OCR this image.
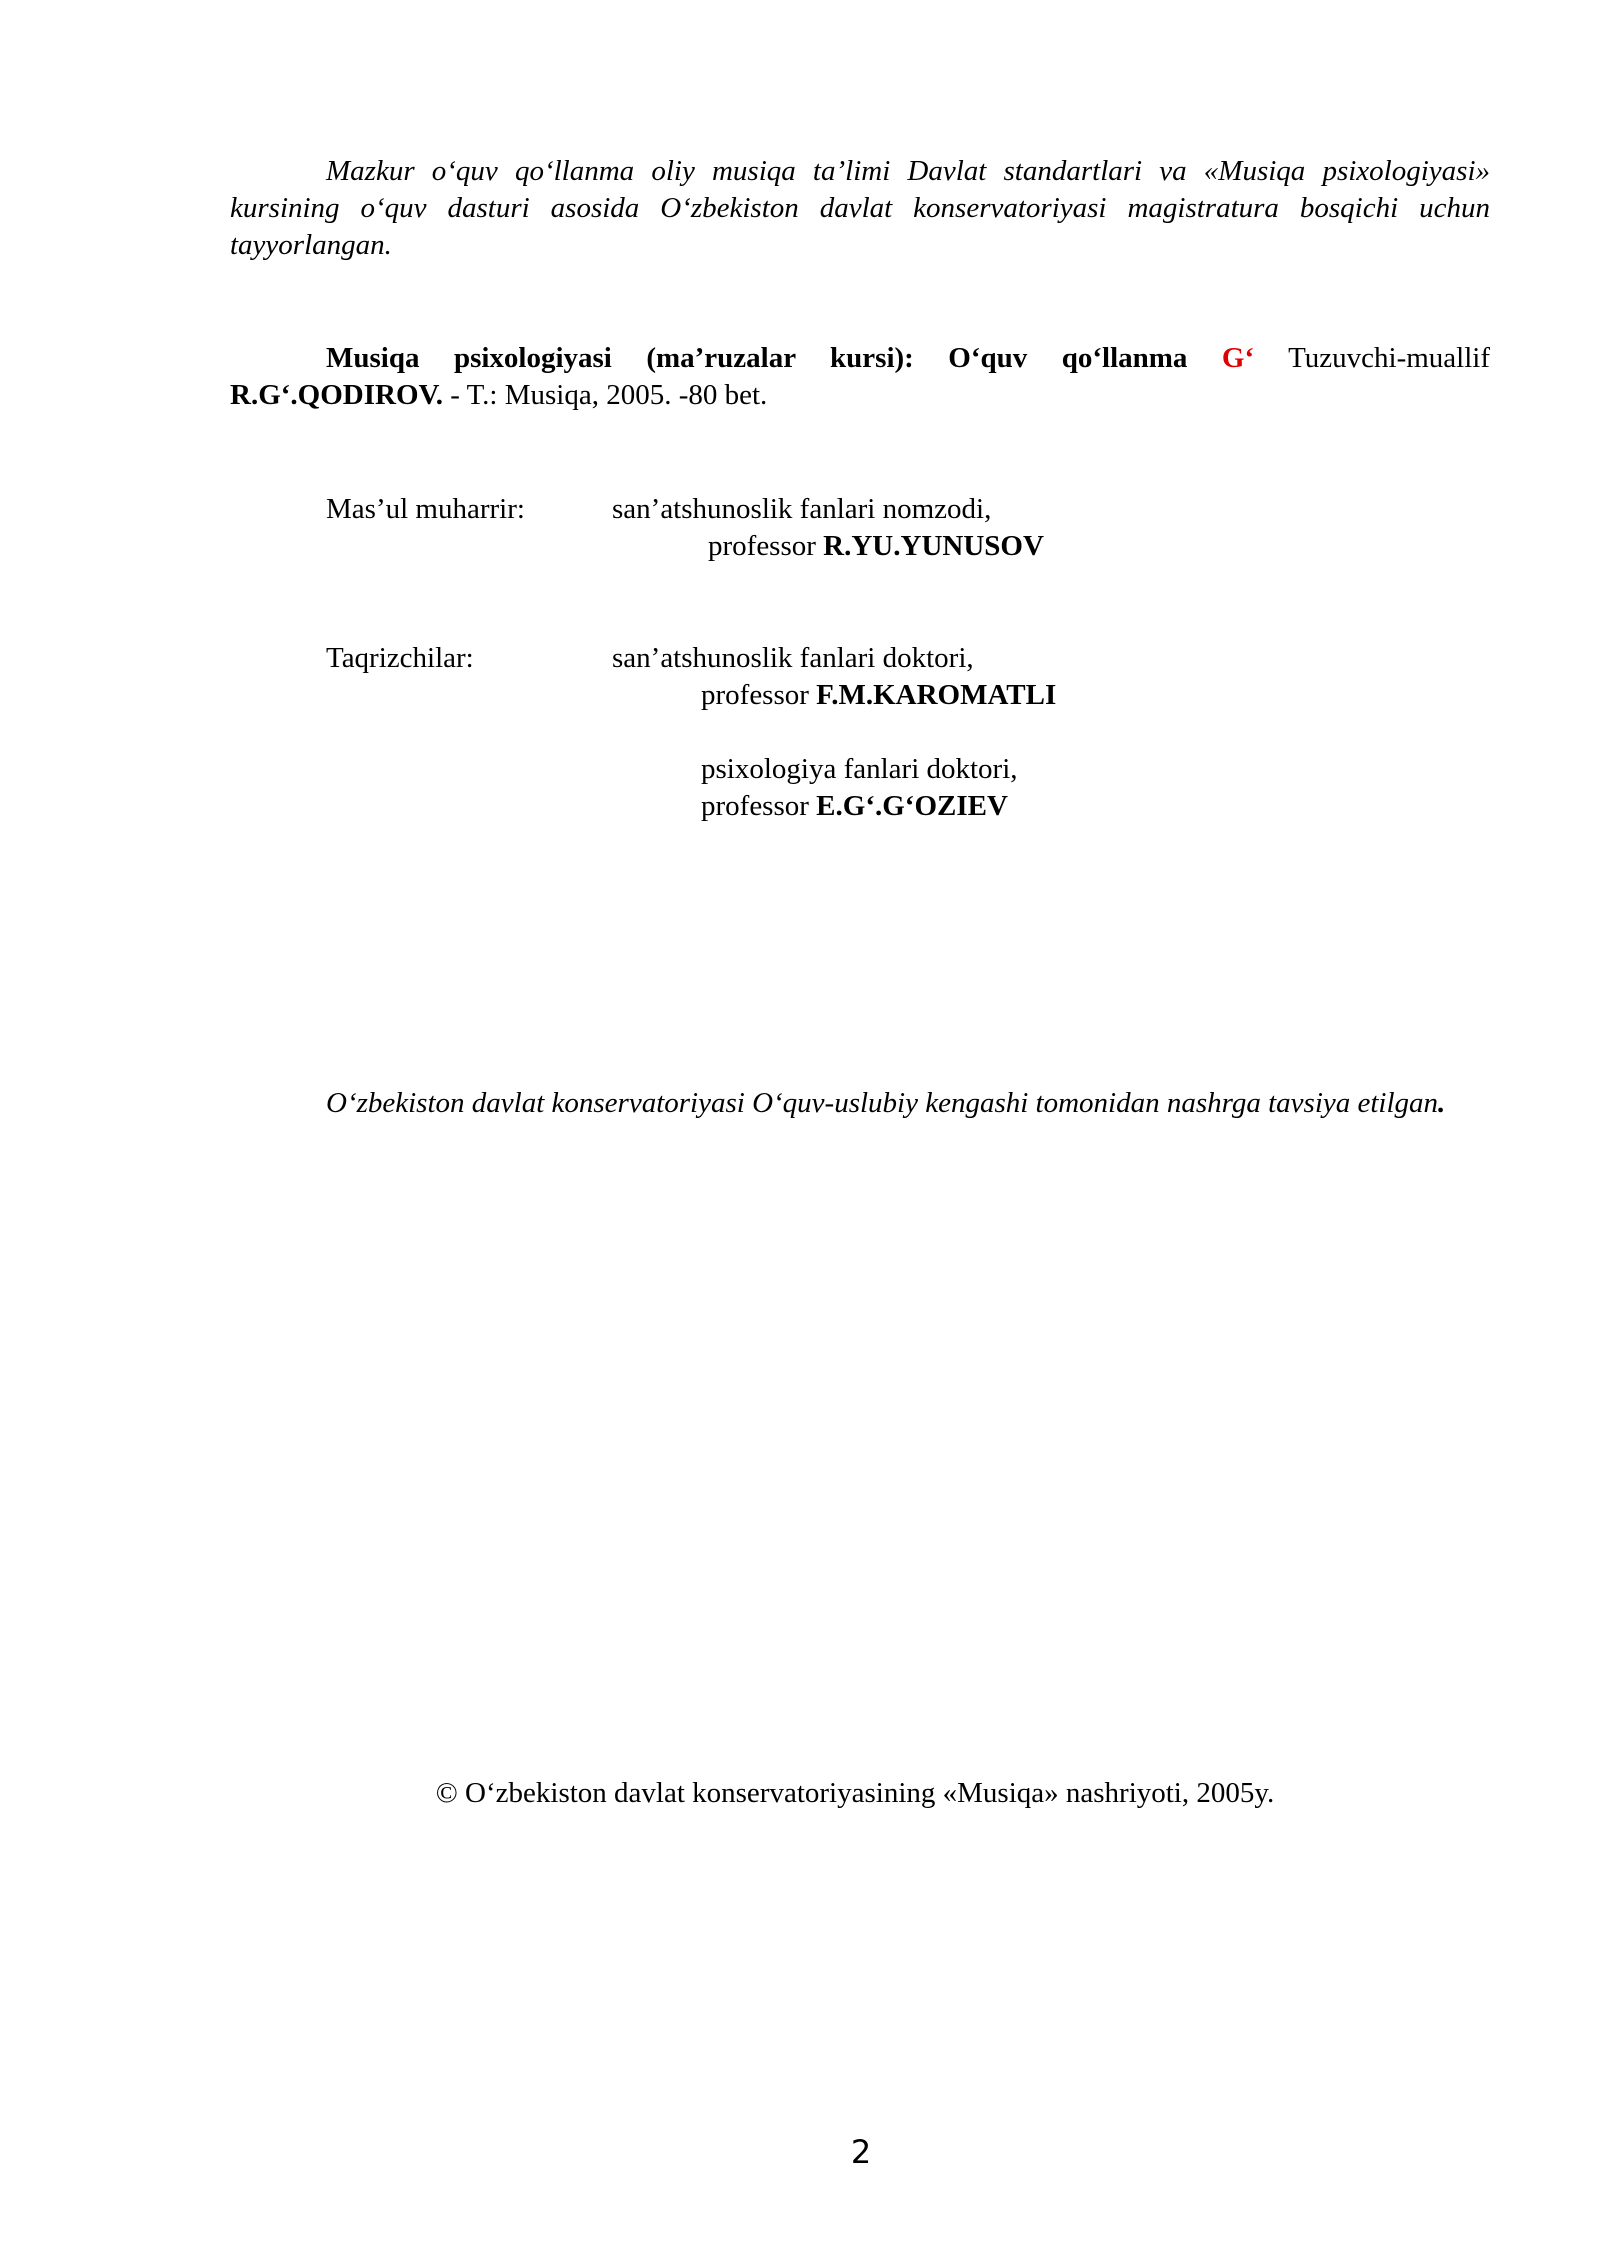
Mazkur o‘quv qo‘llanma oliy musiqa ta’limi Davlat standartlari va «Musiqa psixologiyasi» kursining o‘quv dasturi asosida O‘zbekiston davlat konservatoriyasi magistratura bosqichi uchun tayyorlangan.

Musiqa psixologiyasi (ma’ruzalar kursi): O‘quv qo‘llanma G‘ Tuzuvchi-muallif R.G‘.QODIROV. - T.: Musiqa, 2005. -80 bet.

Mas’ul muharrir:	san’atshunoslik fanlari nomzodi,

professor R.YU.YUNUSOV

Taqrizchilar:	san’atshunoslik fanlari doktori,

professor F.M.KAROMATLI

psixologiya fanlari doktori,

professor E.G‘.G‘OZIEV

O‘zbekiston davlat konservatoriyasi O‘quv-uslubiy kengashi tomonidan nashrga tavsiya etilgan.

© O‘zbekiston davlat konservatoriyasining «Musiqa» nashriyoti, 2005y.

2
